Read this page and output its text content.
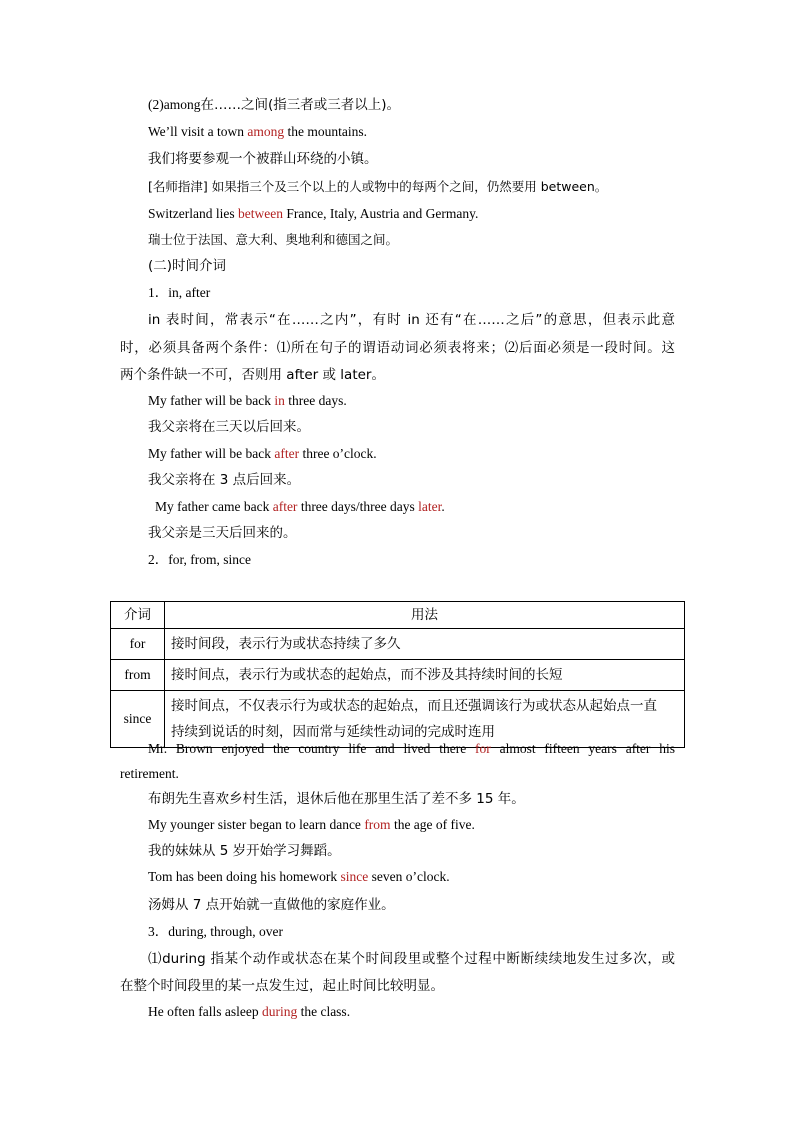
(2)among在……之间(指三者或三者以上)。
We’ll visit a town among the mountains.
我们将要参观一个被群山环绕的小镇。
[名师指津] 如果指三个及三个以上的人或物中的每两个之间，仍然要用 between。
Switzerland lies between France, Italy, Austria and Germany.
瑞士位于法国、意大利、奥地利和德国之间。
(二)时间介词
1．in, after
in 表时间，常表示“在……之内”，有时 in 还有“在……之后”的意思，但表示此意
时，必须具备两个条件：⑴所在句子的谓语动词必须表将来；⑵后面必须是一段时间。这
两个条件缺一不可，否则用 after 或 later。
My father will be back in three days.
我父亲将在三天以后回来。
My father will be back after three o’clock.
我父亲将在 3 点后回来。
My father came back after three days/three days later.
我父亲是三天后回来的。
2．for, from, since
介词	用法
for	接时间段，表示行为或状态持续了多久
from	接时间点，表示行为或状态的起始点，而不涉及其持续时间的长短
since	接时间点，不仅表示行为或状态的起始点，而且还强调该行为或状态从起始点一直
持续到说话的时刻，因而常与延续性动词的完成时连用
Mr. Brown enjoyed the country life and lived there for almost fifteen years after his
retirement.
布朗先生喜欢乡村生活，退休后他在那里生活了差不多 15 年。
My younger sister began to learn dance from the age of five.
我的妹妹从 5 岁开始学习舞蹈。
Tom has been doing his homework since seven o’clock.
汤姆从 7 点开始就一直做他的家庭作业。
3．during, through, over
⑴during 指某个动作或状态在某个时间段里或整个过程中断断续续地发生过多次，或
在整个时间段里的某一点发生过，起止时间比较明显。
He often falls asleep during the class.
